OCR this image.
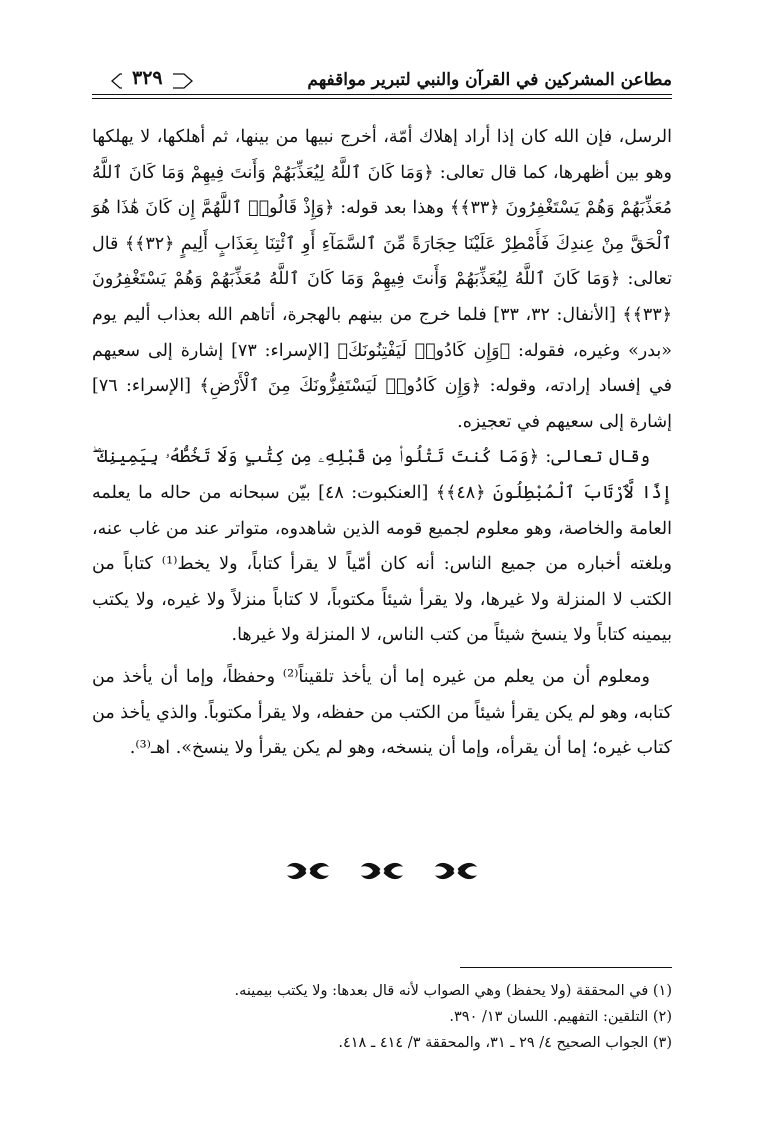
مطاعن المشركين في القرآن والنبي لتبرير مواقفهم
٣٢٩

الرسل، فإن الله كان إذا أراد إهلاك أمّة، أخرج نبيها من بينها، ثم أهلكها، لا يهلكها وهو بين أظهرها، كما قال تعالى: ﴿وَمَا كَانَ ٱللَّهُ لِيُعَذِّبَهُمْ وَأَنتَ فِيهِمْ وَمَا كَانَ ٱللَّهُ مُعَذِّبَهُمْ وَهُمْ يَسْتَغْفِرُونَ ﴿٣٣﴾﴾ وهذا بعد قوله: ﴿وَإِذْ قَالُوا۟ ٱللَّهُمَّ إِن كَانَ هَٰذَا هُوَ ٱلْحَقَّ مِنْ عِندِكَ فَأَمْطِرْ عَلَيْنَا حِجَارَةً مِّنَ ٱلسَّمَآءِ أَوِ ٱئْتِنَا بِعَذَابٍ أَلِيمٍ ﴿٣٢﴾﴾ قال تعالى: ﴿وَمَا كَانَ ٱللَّهُ لِيُعَذِّبَهُمْ وَأَنتَ فِيهِمْ وَمَا كَانَ ٱللَّهُ مُعَذِّبَهُمْ وَهُمْ يَسْتَغْفِرُونَ ﴿٣٣﴾﴾ [الأنفال: ٣٢، ٣٣] فلما خرج من بينهم بالهجرة، أتاهم الله بعذاب أليم يوم «بدر» وغيره، فقوله: ﴿وَإِن كَادُوا۟ لَيَفْتِنُونَكَ﴾ [الإسراء: ٧٣] إشارة إلى سعيهم في إفساد إرادته، وقوله: ﴿وَإِن كَادُوا۟ لَيَسْتَفِزُّونَكَ مِنَ ٱلْأَرْضِ﴾ [الإسراء: ٧٦] إشارة إلى سعيهم في تعجيزه.

وقال تعالى: ﴿وَمَا كُنتَ تَتْلُوا۟ مِن قَبْلِهِۦ مِن كِتَٰبٍ وَلَا تَخُطُّهُۥ بِيَمِينِكَ ۖ إِذًا لَّٱرْتَابَ ٱلْمُبْطِلُونَ ﴿٤٨﴾﴾ [العنكبوت: ٤٨] بيّن سبحانه من حاله ما يعلمه العامة والخاصة، وهو معلوم لجميع قومه الذين شاهدوه، متواتر عند من غاب عنه، وبلغته أخباره من جميع الناس: أنه كان أمّياً لا يقرأ كتاباً، ولا يخط⁽¹⁾ كتاباً من الكتب لا المنزلة ولا غيرها، ولا يقرأ شيئاً مكتوباً، لا كتاباً منزلاً ولا غيره، ولا يكتب بيمينه كتاباً ولا ينسخ شيئاً من كتب الناس، لا المنزلة ولا غيرها.

ومعلوم أن من يعلم من غيره إما أن يأخذ تلقيناً⁽²⁾ وحفظاً، وإما أن يأخذ من كتابه، وهو لم يكن يقرأ شيئاً من الكتب من حفظه، ولا يقرأ مكتوباً. والذي يأخذ من كتاب غيره؛ إما أن يقرأه، وإما أن ينسخه، وهو لم يكن يقرأ ولا ينسخ». اهـ⁽³⁾.

(١) في المحققة (ولا يحفظ) وهي الصواب لأنه قال بعدها: ولا يكتب بيمينه.

(٢) التلقين: التفهيم. اللسان ١٣/ ٣٩٠.

(٣) الجواب الصحيح ٤/ ٢٩ ـ ٣١، والمحققة ٣/ ٤١٤ ـ ٤١٨.
